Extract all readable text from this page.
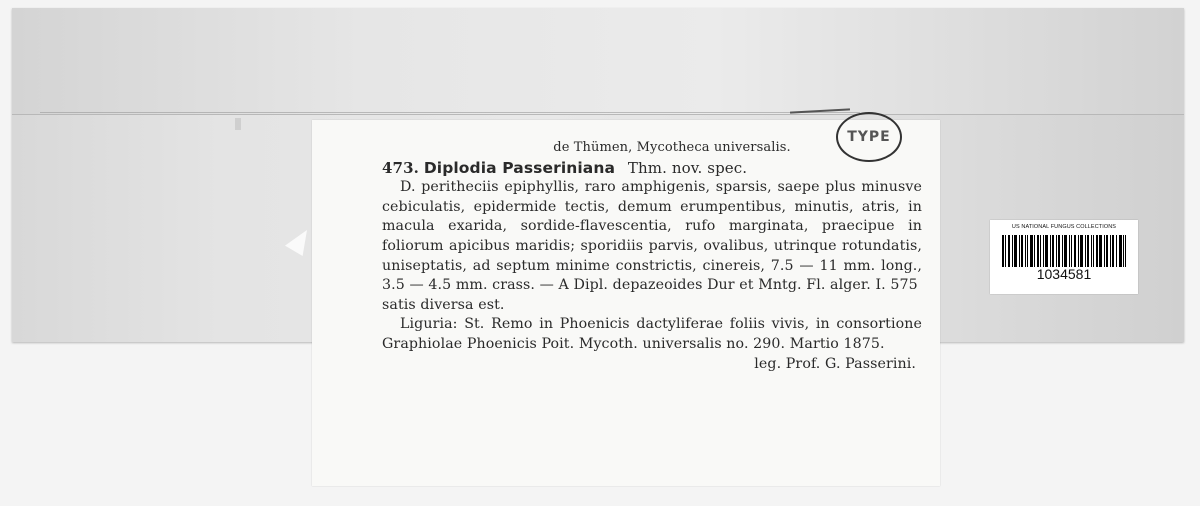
de Thümen, Mycotheca universalis.
473. Diplodia Passeriniana Thm. nov. spec.
D. peritheciis epiphyllis, raro amphigenis, sparsis, saepe plus minusve cebiculatis, epidermide tectis, demum erumpentibus, minutis, atris, in macula exarida, sordide-flavescentia, rufo marginata, praecipue in foliorum apicibus maridis; sporidiis parvis, ovalibus, utrinque rotundatis, uniseptatis, ad septum minime constrictis, cinereis, 7.5 — 11 mm. long., 3.5 — 4.5 mm. crass. — A Dipl. depazeoides Dur et Mntg. Fl. alger. I. 575
satis diversa est.
Liguria: St. Remo in Phoenicis dactyliferae foliis vivis, in consortione Graphiolae Phoenicis Poit. Mycoth. universalis no. 290. Martio 1875.
leg. Prof. G. Passerini.
TYPE
US NATIONAL FUNGUS COLLECTIONS
1034581
